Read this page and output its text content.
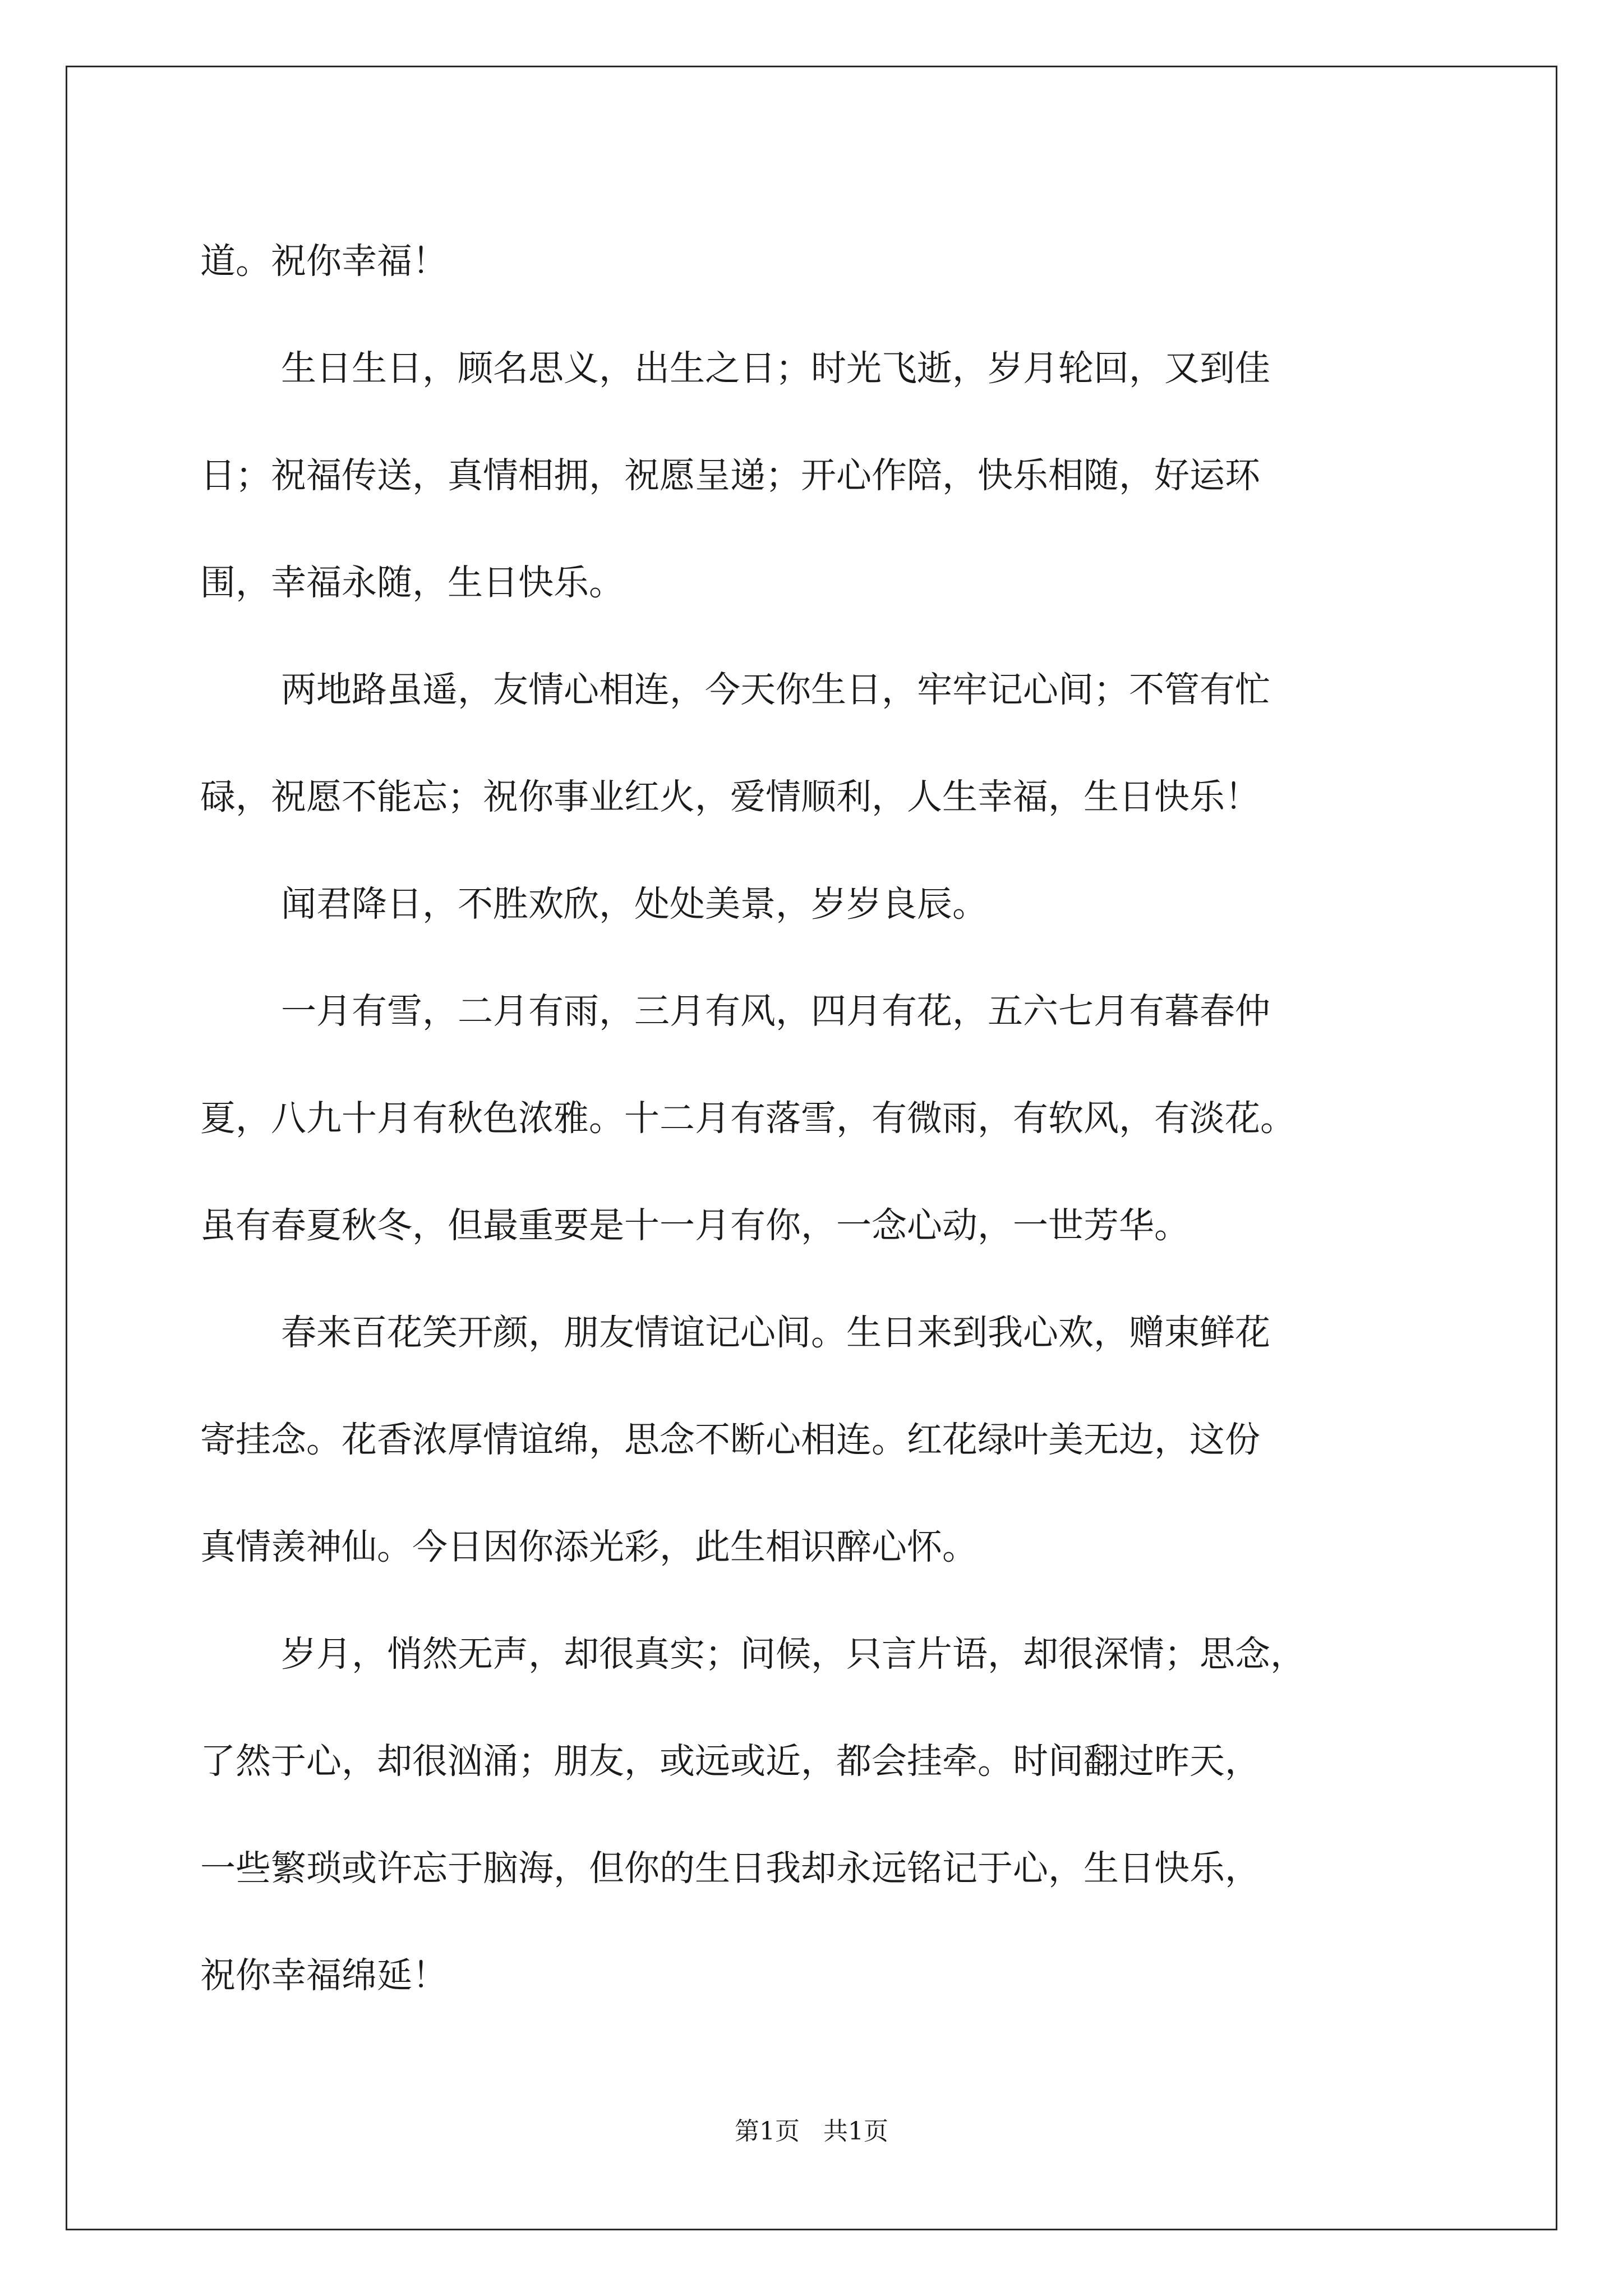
道。祝你幸福！
生日生日，顾名思义，出生之日；时光飞逝，岁月轮回，又到佳
日；祝福传送，真情相拥，祝愿呈递；开心作陪，快乐相随，好运环
围，幸福永随，生日快乐。
两地路虽遥，友情心相连，今天你生日，牢牢记心间；不管有忙
碌，祝愿不能忘；祝你事业红火，爱情顺利，人生幸福，生日快乐！
闻君降日，不胜欢欣，处处美景，岁岁良辰。
一月有雪，二月有雨，三月有风，四月有花，五六七月有暮春仲
夏，八九十月有秋色浓雅。十二月有落雪，有微雨，有软风，有淡花。
虽有春夏秋冬，但最重要是十一月有你，一念心动，一世芳华。
春来百花笑开颜，朋友情谊记心间。生日来到我心欢，赠束鲜花
寄挂念。花香浓厚情谊绵，思念不断心相连。红花绿叶美无边，这份
真情羡神仙。今日因你添光彩，此生相识醉心怀。
岁月，悄然无声，却很真实；问候，只言片语，却很深情；思念，
了然于心，却很汹涌；朋友，或远或近，都会挂牵。时间翻过昨天，
一些繁琐或许忘于脑海，但你的生日我却永远铭记于心，生日快乐，
祝你幸福绵延！
第1页 共1页
